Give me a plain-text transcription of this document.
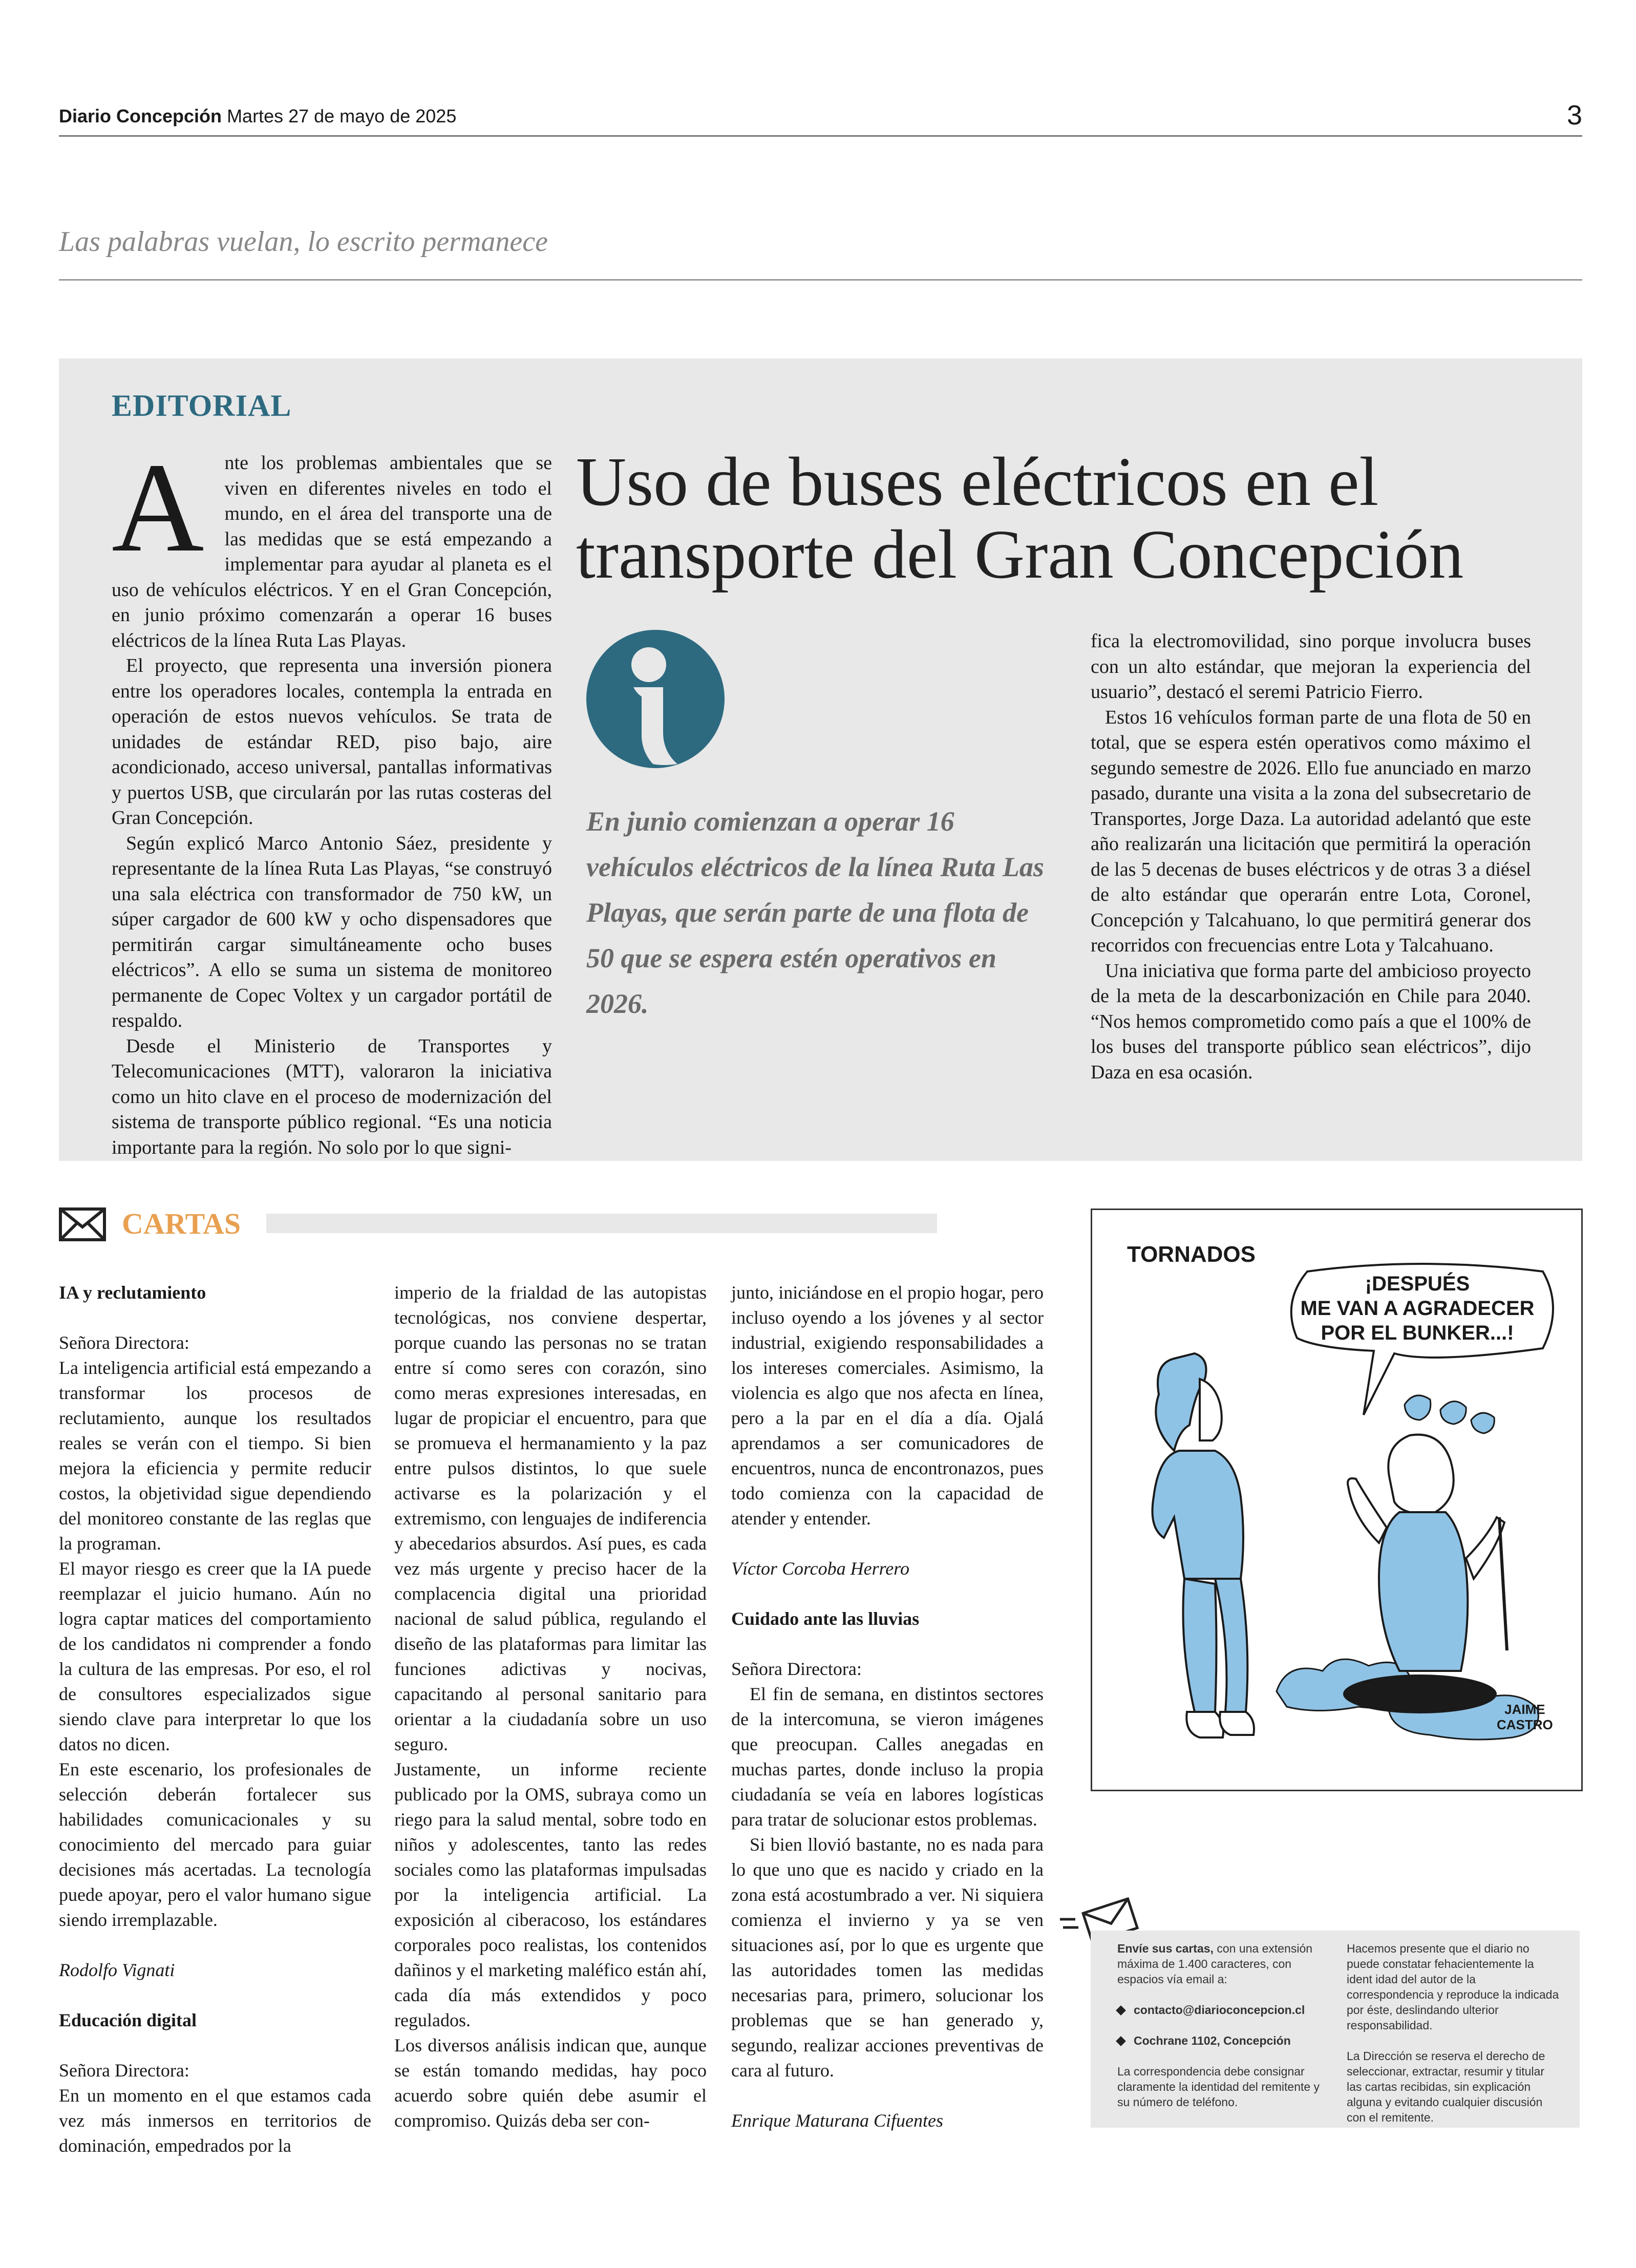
Diario Concepción Martes 27 de mayo de 2025	3
Las palabras vuelan, lo escrito permanece
EDITORIAL
A	nte los problemas ambientales que se viven en diferentes niveles en todo el mundo, en el área del transporte una de las medidas que se está empezando a implementar para ayudar al planeta es el uso de vehículos eléctricos. Y en el Gran Concepción, en junio próximo comenzarán a operar 16 buses eléctricos de la línea Ruta Las Playas.

El proyecto, que representa una inversión pionera entre los operadores locales, contempla la entrada en operación de estos nuevos vehículos. Se trata de unidades de estándar RED, piso bajo, aire acondicionado, acceso universal, pantallas informativas y puertos USB, que circularán por las rutas costeras del Gran Concepción.

Según explicó Marco Antonio Sáez, presidente y representante de la línea Ruta Las Playas, “se construyó una sala eléctrica con transformador de 750 kW, un súper cargador de 600 kW y ocho dispensadores que permitirán cargar simultáneamente ocho buses eléctricos”. A ello se suma un sistema de monitoreo permanente de Copec Voltex y un cargador portátil de respaldo.

Desde el Ministerio de Transportes y Telecomunicaciones (MTT), valoraron la iniciativa como un hito clave en el proceso de modernización del sistema de transporte público regional. “Es una noticia importante para la región. No solo por lo que signi-

Uso de buses eléctricos en el transporte del Gran Concepción
En junio comienzan a operar 16 vehículos eléctricos de la línea Ruta Las Playas, que serán parte de una flota de 50 que se espera estén operativos en 2026.

fica la electromovilidad, sino porque involucra buses con un alto estándar, que mejoran la experiencia del usuario”, destacó el seremi Patricio Fierro.

Estos 16 vehículos forman parte de una flota de 50 en total, que se espera estén operativos como máximo el segundo semestre de 2026. Ello fue anunciado en marzo pasado, durante una visita a la zona del subsecretario de Transportes, Jorge Daza. La autoridad adelantó que este año realizarán una licitación que permitirá la operación de las 5 decenas de buses eléctricos y de otras 3 a diésel de alto estándar que operarán entre Lota, Coronel, Concepción y Talcahuano, lo que permitirá generar dos recorridos con frecuencias entre Lota y Talcahuano.

Una iniciativa que forma parte del ambicioso proyecto de la meta de la descarbonización en Chile para 2040. “Nos hemos comprometido como país a que el 100% de los buses del transporte público sean eléctricos”, dijo Daza en esa ocasión.

CARTAS

IA y reclutamiento

Señora Directora:

La inteligencia artificial está empezando a transformar los procesos de reclutamiento, aunque los resultados reales se verán con el tiempo. Si bien mejora la eficiencia y permite reducir costos, la objetividad sigue dependiendo del monitoreo constante de las reglas que la programan.

El mayor riesgo es creer que la IA puede reemplazar el juicio humano. Aún no logra captar matices del comportamiento de los candidatos ni comprender a fondo la cultura de las empresas. Por eso, el rol de consultores especializados sigue siendo clave para interpretar lo que los datos no dicen.

En este escenario, los profesionales de selección deberán fortalecer sus habilidades comunicacionales y su conocimiento del mercado para guiar decisiones más acertadas. La tecnología puede apoyar, pero el valor humano sigue siendo irremplazable.

Rodolfo Vignati

Educación digital

Señora Directora:

En un momento en el que estamos cada vez más inmersos en territorios de dominación, empedrados por la

imperio de la frialdad de las autopistas tecnológicas, nos conviene despertar, porque cuando las personas no se tratan entre sí como seres con corazón, sino como meras expresiones interesadas, en lugar de propiciar el encuentro, para que se promueva el hermanamiento y la paz entre pulsos distintos, lo que suele activarse es la polarización y el extremismo, con lenguajes de indiferencia y abecedarios absurdos. Así pues, es cada vez más urgente y preciso hacer de la complacencia digital una prioridad nacional de salud pública, regulando el diseño de las plataformas para limitar las funciones adictivas y nocivas, capacitando al personal sanitario para orientar a la ciudadanía sobre un uso seguro.

Justamente, un informe reciente publicado por la OMS, subraya como un riego para la salud mental, sobre todo en niños y adolescentes, tanto las redes sociales como las plataformas impulsadas por la inteligencia artificial. La exposición al ciberacoso, los estándares corporales poco realistas, los contenidos dañinos y el marketing maléfico están ahí, cada día más extendidos y poco regulados.

Los diversos análisis indican que, aunque se están tomando medidas, hay poco acuerdo sobre quién debe asumir el compromiso. Quizás deba ser con-

junto, iniciándose en el propio hogar, pero incluso oyendo a los jóvenes y al sector industrial, exigiendo responsabilidades a los intereses comerciales. Asimismo, la violencia es algo que nos afecta en línea, pero a la par en el día a día. Ojalá aprendamos a ser comunicadores de encuentros, nunca de encontronazos, pues todo comienza con la capacidad de atender y entender.

Víctor Corcoba Herrero

Cuidado ante las lluvias

Señora Directora:

El fin de semana, en distintos sectores de la intercomuna, se vieron imágenes que preocupan. Calles anegadas en muchas partes, donde incluso la propia ciudadanía se veía en labores logísticas para tratar de solucionar estos problemas.

Si bien llovió bastante, no es nada para lo que uno que es nacido y criado en la zona está acostumbrado a ver. Ni siquiera comienza el invierno y ya se ven situaciones así, por lo que es urgente que las autoridades tomen las medidas necesarias para, primero, solucionar los problemas que se han generado y, segundo, realizar acciones preventivas de cara al futuro.

Enrique Maturana Cifuentes

TORNADOS
¡DESPUÉS
ME VAN A AGRADECER
POR EL BUNKER...!
JAIME
CASTRO

Envíe sus cartas, con una extensión máxima de 1.400 caracteres, con espacios vía email a:

contacto@diarioconcepcion.cl

Cochrane 1102, Concepción

La correspondencia debe consignar claramente la identidad del remitente y su número de teléfono.

Hacemos presente que el diario no puede constatar fehacientemente la ident idad del autor de la correspondencia y reproduce la indicada por éste, deslindando ulterior responsabilidad.

La Dirección se reserva el derecho de seleccionar, extractar, resumir y titular las cartas recibidas, sin explicación alguna y evitando cualquier discusión con el remitente.
